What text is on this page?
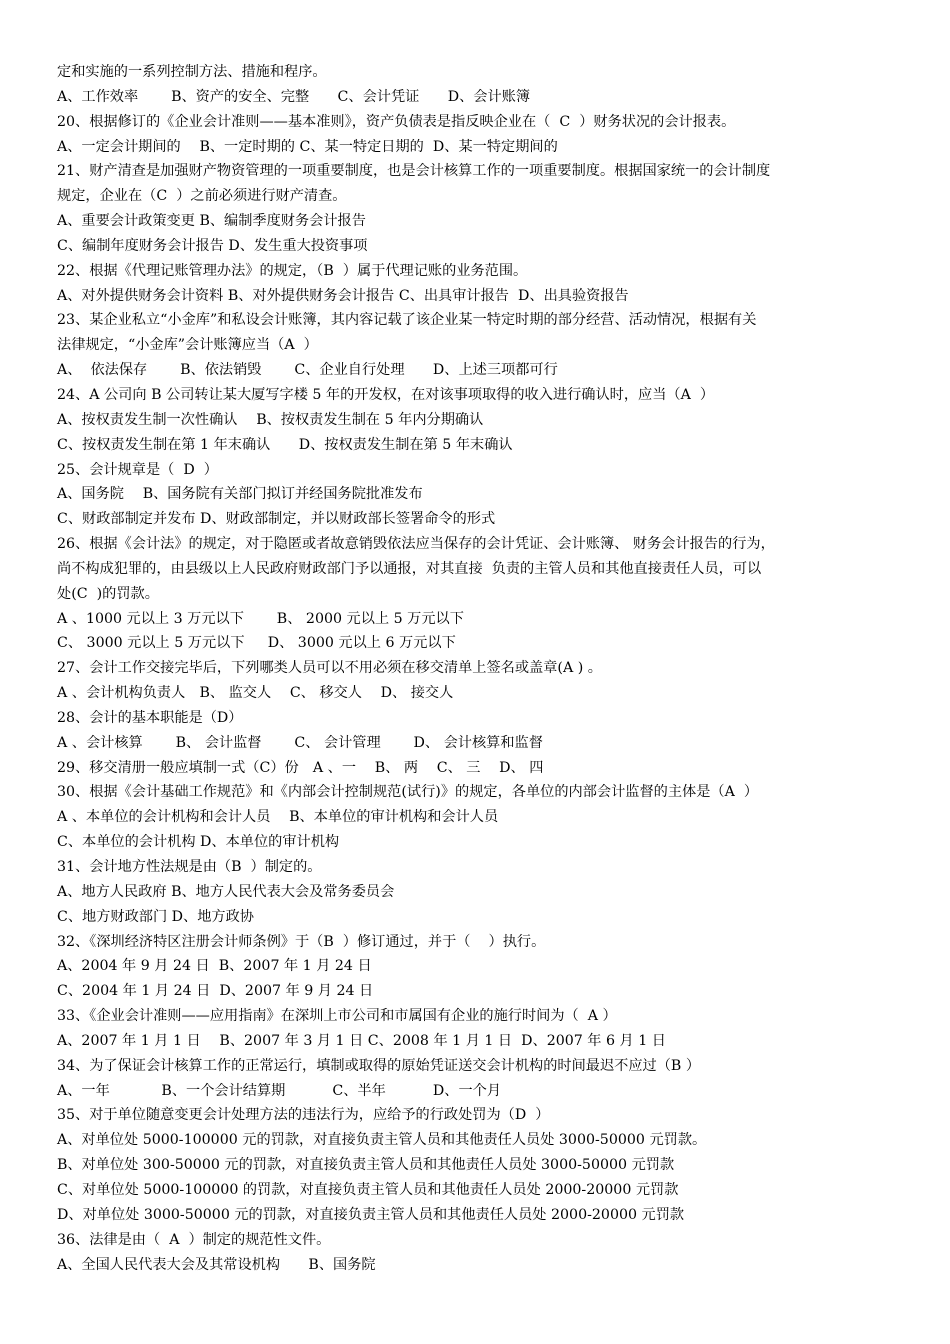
定和实施的一系列控制方法、措施和程序。
A、工作效率 　　B、资产的安全、完整　　C、会计凭证　　D、会计账簿
20、根据修订的《企业会计准则——基本准则》，资产负债表是指反映企业在（  C  ）财务状况的会计报表。
A、一定会计期间的　 B、一定时期的 C、某一特定日期的  D、某一特定期间的
21、财产清查是加强财产物资管理的一项重要制度，也是会计核算工作的一项重要制度。根据国家统一的会计制度
规定，企业在（C  ）之前必须进行财产清查。
A、重要会计政策变更 B、编制季度财务会计报告
C、编制年度财务会计报告 D、发生重大投资事项
22、根据《代理记账管理办法》的规定，（B  ）属于代理记账的业务范围。
A、对外提供财务会计资料 B、对外提供财务会计报告 C、出具审计报告  D、出具验资报告
23、某企业私立“小金库”和私设会计账簿，其内容记载了该企业某一特定时期的部分经营、活动情况，根据有关
法律规定，“小金库”会计账簿应当（A  ）
A、  依法保存 　　B、依法销毁　　 C、企业自行处理　　D、上述三项都可行
24、A 公司向 B 公司转让某大厦写字楼 5 年的开发权，在对该事项取得的收入进行确认时，应当（A  ）
A、按权责发生制一次性确认 　B、按权责发生制在 5 年内分期确认
C、按权责发生制在第 1 年末确认　　D、按权责发生制在第 5 年末确认
25、会计规章是（  D  ）
A、国务院　 B、国务院有关部门拟订并经国务院批准发布
C、财政部制定并发布 D、财政部制定，并以财政部长签署命令的形式
26、根据《会计法》的规定，对于隐匿或者故意销毁依法应当保存的会计凭证、会计账簿、 财务会计报告的行为，
尚不构成犯罪的，由县级以上人民政府财政部门予以通报，对其直接  负责的主管人员和其他直接责任人员，可以
处(C  )的罚款。
A 、1000 元以上 3 万元以下 　　B、 2000 元以上 5 万元以下
C、 3000 元以上 5 万元以下 　 D、 3000 元以上 6 万元以下
27、会计工作交接完毕后，下列哪类人员可以不用必须在移交清单上签名或盖章(A ) 。
A 、会计机构负责人　B、 监交人 　C、 移交人　 D、 接交人
28、会计的基本职能是（D）
A 、会计核算 　　B、 会计监督 　　C、 会计管理 　　D、 会计核算和监督
29、移交清册一般应填制一式（C）份　A 、一 　B、 两 　C、 三 　D、 四
30、根据《会计基础工作规范》和《内部会计控制规范(试行)》的规定，各单位的内部会计监督的主体是（A  ）
A 、本单位的会计机构和会计人员 　B、本单位的审计机构和会计人员
C、本单位的会计机构 D、本单位的审计机构
31、会计地方性法规是由（B  ）制定的。
A、地方人民政府 B、地方人民代表大会及常务委员会
C、地方财政部门 D、地方政协
32、《深圳经济特区注册会计师条例》于（B  ）修订通过，并于（    ）执行。
A、2004 年 9 月 24 日  B、2007 年 1 月 24 日
C、2004 年 1 月 24 日  D、2007 年 9 月 24 日
33、《企业会计准则——应用指南》在深圳上市公司和市属国有企业的施行时间为（  A ）
A、2007 年 1 月 1 日　 B、2007 年 3 月 1 日 C、2008 年 1 月 1 日  D、2007 年 6 月 1 日
34、为了保证会计核算工作的正常运行，填制或取得的原始凭证送交会计机构的时间最迟不应过（B ）
A、一年 　　　 B、一个会计结算期　　　 C、半年 　　　D、一个月
35、对于单位随意变更会计处理方法的违法行为，应给予的行政处罚为（D  ）
A、对单位处 5000-100000 元的罚款，对直接负责主管人员和其他责任人员处 3000-50000 元罚款。
B、对单位处 300-50000 元的罚款，对直接负责主管人员和其他责任人员处 3000-50000 元罚款
C、对单位处 5000-100000 的罚款，对直接负责主管人员和其他责任人员处 2000-20000 元罚款
D、对单位处 3000-50000 元的罚款，对直接负责主管人员和其他责任人员处 2000-20000 元罚款
36、法律是由（  A  ）制定的规范性文件。
A、全国人民代表大会及其常设机构　　B、国务院
